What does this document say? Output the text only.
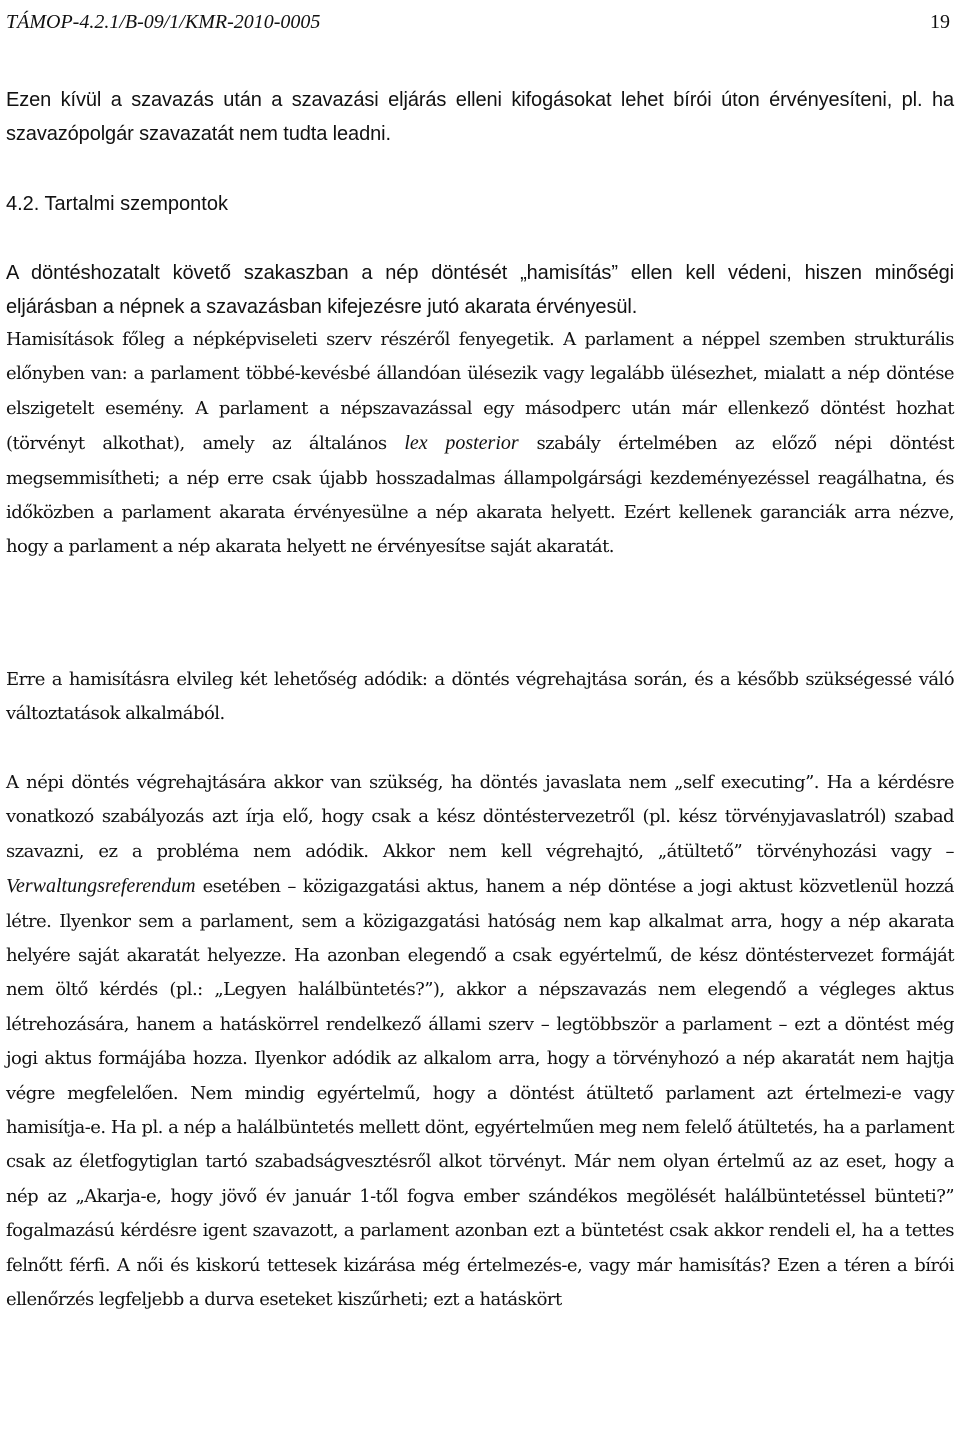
TÁMOP-4.2.1/B-09/1/KMR-2010-0005	19

Ezen kívül a szavazás után a szavazási eljárás elleni kifogásokat lehet bírói úton érvényesíteni, pl. ha szavazópolgár szavazatát nem tudta leadni.

4.2. Tartalmi szempontok

A döntéshozatalt követő szakaszban a nép döntését „hamisítás” ellen kell védeni, hiszen minőségi eljárásban a népnek a szavazásban kifejezésre jutó akarata érvényesül.

Hamisítások főleg a népképviseleti szerv részéről fenyegetik. A parlament a néppel szemben strukturális előnyben van: a parlament többé-kevésbé állandóan ülésezik vagy legalább ülésezhet, mialatt a nép döntése elszigetelt esemény. A parlament a népszavazással egy másodperc után már ellenkező döntést hozhat (törvényt alkothat), amely az általános lex posterior szabály értelmében az előző népi döntést megsemmisítheti; a nép erre csak újabb hosszadalmas állampolgársági kezdeményezéssel reagálhatna, és időközben a parlament akarata érvényesülne a nép akarata helyett. Ezért kellenek garanciák arra nézve, hogy a parlament a nép akarata helyett ne érvényesítse saját akaratát.

Erre a hamisításra elvileg két lehetőség adódik: a döntés végrehajtása során, és a később szükségessé váló változtatások alkalmából.

A népi döntés végrehajtására akkor van szükség, ha döntés javaslata nem „self executing”. Ha a kérdésre vonatkozó szabályozás azt írja elő, hogy csak a kész döntéstervezetről (pl. kész törvényjavaslatról) szabad szavazni, ez a probléma nem adódik. Akkor nem kell végrehajtó, „átültető” törvényhozási vagy – Verwaltungsreferendum esetében – közigazgatási aktus, hanem a nép döntése a jogi aktust közvetlenül hozzá létre. Ilyenkor sem a parlament, sem a közigazgatási hatóság nem kap alkalmat arra, hogy a nép akarata helyére saját akaratát helyezze. Ha azonban elegendő a csak egyértelmű, de kész döntéstervezet formáját nem öltő kérdés (pl.: „Legyen halálbüntetés?”), akkor a népszavazás nem elegendő a végleges aktus létrehozására, hanem a hatáskörrel rendelkező állami szerv – legtöbbször a parlament – ezt a döntést még jogi aktus formájába hozza. Ilyenkor adódik az alkalom arra, hogy a törvényhozó a nép akaratát nem hajtja végre megfelelően. Nem mindig egyértelmű, hogy a döntést átültető parlament azt értelmezi-e vagy hamisítja-e. Ha pl. a nép a halálbüntetés mellett dönt, egyértelműen meg nem felelő átültetés, ha a parlament csak az életfogytiglan tartó szabadságvesztésről alkot törvényt. Már nem olyan értelmű az az eset, hogy a nép az „Akarja-e, hogy jövő év január 1-től fogva ember szándékos megölését halálbüntetéssel bünteti?” fogalmazású kérdésre igent szavazott, a parlament azonban ezt a büntetést csak akkor rendeli el, ha a tettes felnőtt férfi. A női és kiskorú tettesek kizárása még értelmezés-e, vagy már hamisítás? Ezen a téren a bírói ellenőrzés legfeljebb a durva eseteket kiszűrheti; ezt a hatáskört
